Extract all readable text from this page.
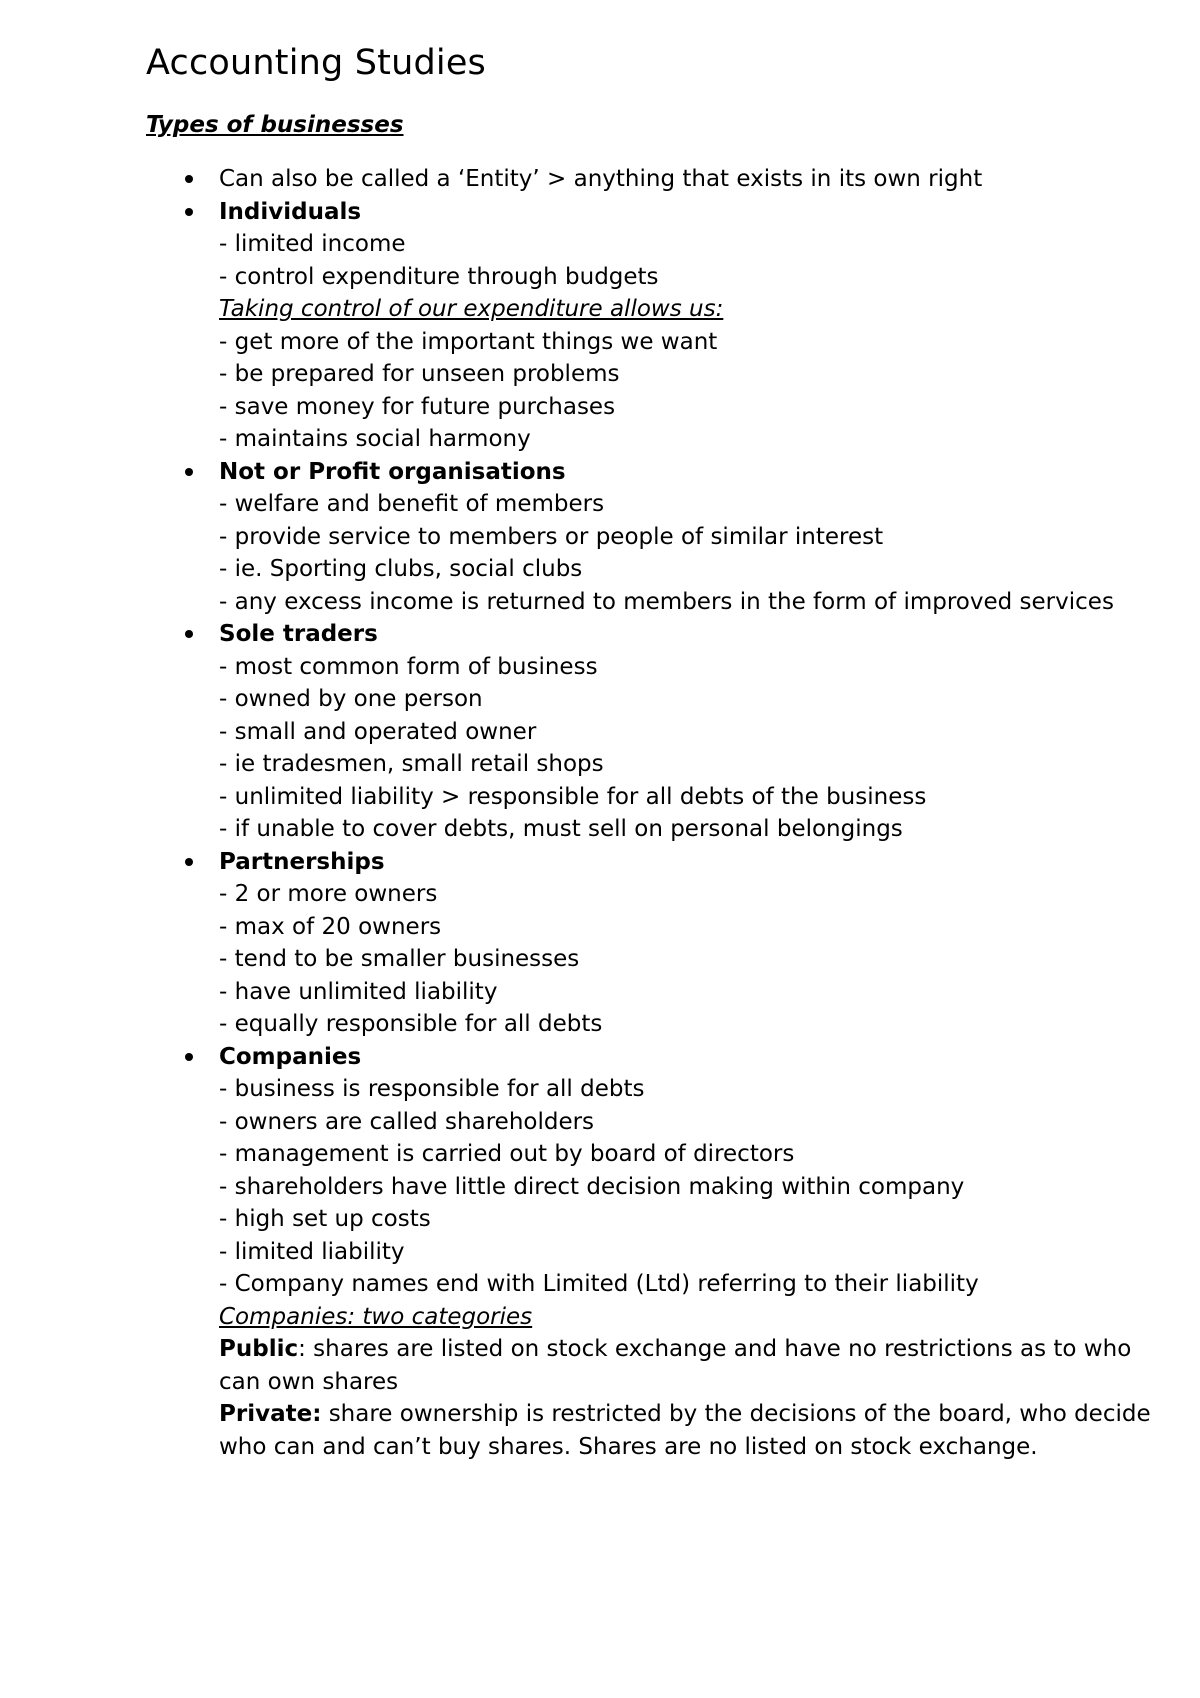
Accounting Studies
Types of businesses
Can also be called a ‘Entity’ > anything that exists in its own right
Individuals
- limited income
- control expenditure through budgets
Taking control of our expenditure allows us:
- get more of the important things we want
- be prepared for unseen problems
- save money for future purchases
- maintains social harmony
Not or Profit organisations
- welfare and benefit of members
- provide service to members or people of similar interest
- ie. Sporting clubs, social clubs
- any excess income is returned to members in the form of improved services
Sole traders
- most common form of business
- owned by one person
- small and operated owner
- ie tradesmen, small retail shops
- unlimited liability > responsible for all debts of the business
- if unable to cover debts, must sell on personal belongings
Partnerships
- 2 or more owners
- max of 20 owners
- tend to be smaller businesses
- have unlimited liability
- equally responsible for all debts
Companies
- business is responsible for all debts
- owners are called shareholders
- management is carried out by board of directors
- shareholders have little direct decision making within company
- high set up costs
- limited liability
- Company names end with Limited (Ltd) referring to their liability
Companies: two categories
Public: shares are listed on stock exchange and have no restrictions as to who can own shares
Private: share ownership is restricted by the decisions of the board, who decide who can and can’t buy shares. Shares are no listed on stock exchange.
